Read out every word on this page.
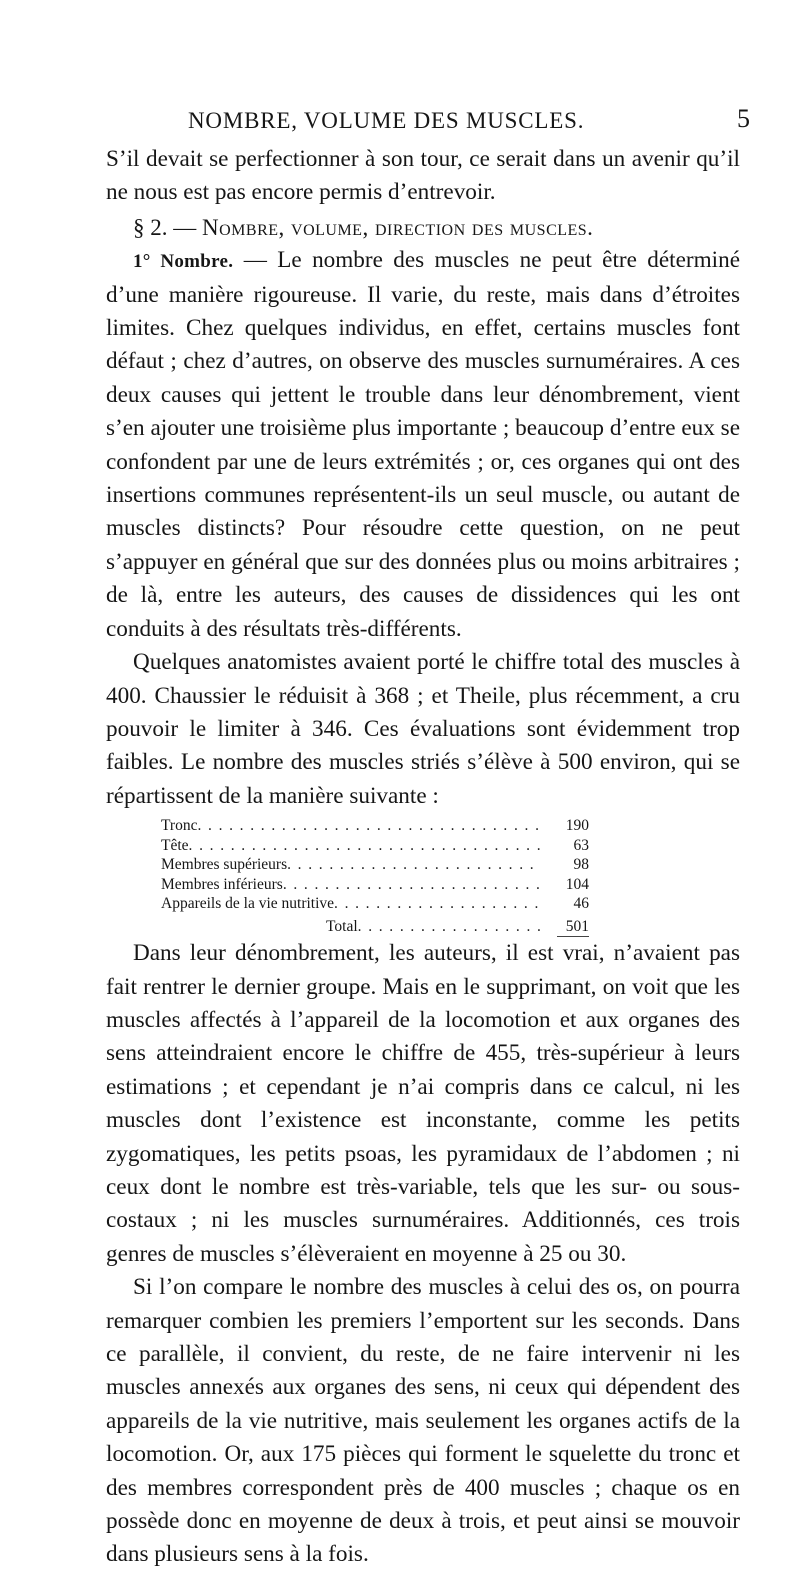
NOMBRE, VOLUME DES MUSCLES.	5

S’il devait se perfectionner à son tour, ce serait dans un avenir qu’il ne nous est pas encore permis d’entrevoir.

§ 2. — Nombre, volume, direction des muscles.

1° Nombre. — Le nombre des muscles ne peut être déterminé d’une manière rigoureuse. Il varie, du reste, mais dans d’étroites limites. Chez quelques individus, en effet, certains muscles font défaut ; chez d’autres, on observe des muscles surnuméraires. A ces deux causes qui jettent le trouble dans leur dénombrement, vient s’en ajouter une troisième plus importante ; beaucoup d’entre eux se confondent par une de leurs extrémités ; or, ces organes qui ont des insertions communes représentent-ils un seul muscle, ou autant de muscles distincts? Pour résoudre cette question, on ne peut s’appuyer en général que sur des données plus ou moins arbitraires ; de là, entre les auteurs, des causes de dissidences qui les ont conduits à des résultats très-différents.

Quelques anatomistes avaient porté le chiffre total des muscles à 400. Chaussier le réduisit à 368 ; et Theile, plus récemment, a cru pouvoir le limiter à 346. Ces évaluations sont évidemment trop faibles. Le nombre des muscles striés s’élève à 500 environ, qui se répartissent de la manière suivante :

Tronc . . .	190
Tête . . .	63
Membres supérieurs . . .	98
Membres inférieurs . . .	104
Appareils de la vie nutritive . . .	46
Total . . .	501

Dans leur dénombrement, les auteurs, il est vrai, n’avaient pas fait rentrer le dernier groupe. Mais en le supprimant, on voit que les muscles affectés à l’appareil de la locomotion et aux organes des sens atteindraient encore le chiffre de 455, très-supérieur à leurs estimations ; et cependant je n’ai compris dans ce calcul, ni les muscles dont l’existence est inconstante, comme les petits zygomatiques, les petits psoas, les pyramidaux de l’abdomen ; ni ceux dont le nombre est très-variable, tels que les sur- ou sous-costaux ; ni les muscles surnuméraires. Additionnés, ces trois genres de muscles s’élèveraient en moyenne à 25 ou 30.

Si l’on compare le nombre des muscles à celui des os, on pourra remarquer combien les premiers l’emportent sur les seconds. Dans ce parallèle, il convient, du reste, de ne faire intervenir ni les muscles annexés aux organes des sens, ni ceux qui dépendent des appareils de la vie nutritive, mais seulement les organes actifs de la locomotion. Or, aux 175 pièces qui forment le squelette du tronc et des membres correspondent près de 400 muscles ; chaque os en possède donc en moyenne de deux à trois, et peut ainsi se mouvoir dans plusieurs sens à la fois.
